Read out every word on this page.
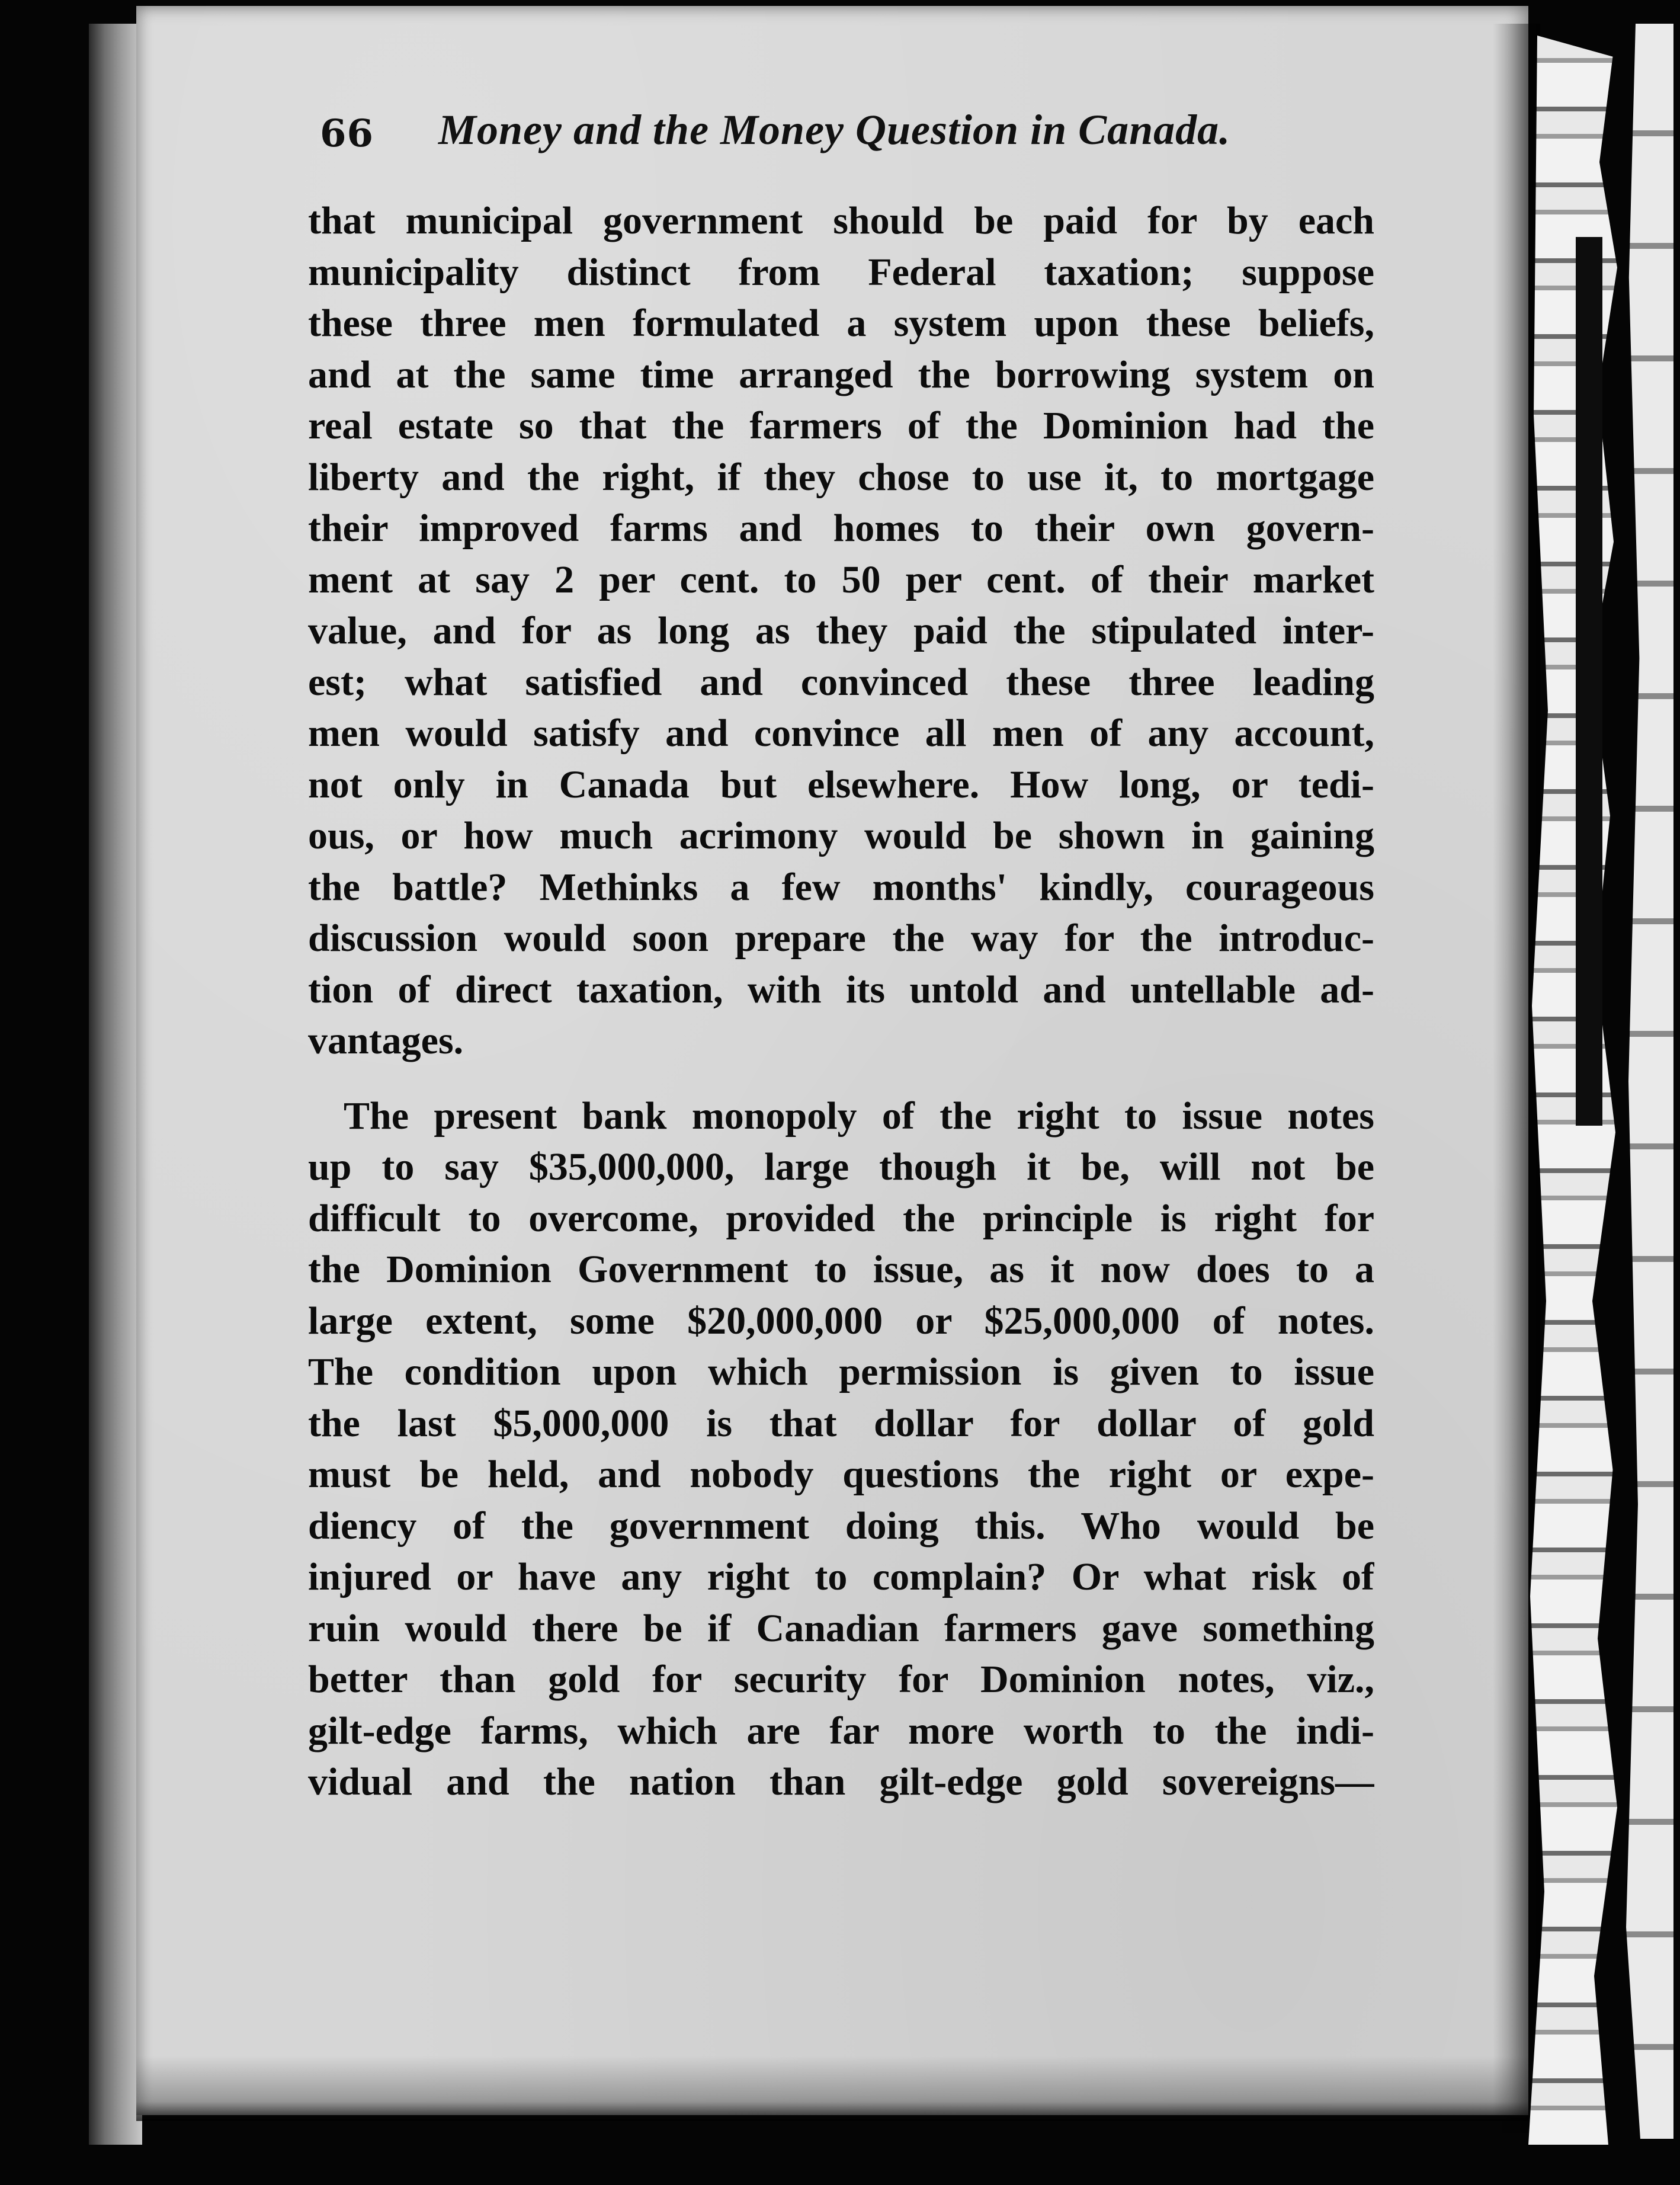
66 Money and the Money Question in Canada.
that municipal government should be paid for by each
municipality distinct from Federal taxation; suppose
these three men formulated a system upon these beliefs,
and at the same time arranged the borrowing system on
real estate so that the farmers of the Dominion had the
liberty and the right, if they chose to use it, to mortgage
their improved farms and homes to their own govern-
ment at say 2 per cent. to 50 per cent. of their market
value, and for as long as they paid the stipulated inter-
est; what satisfied and convinced these three leading
men would satisfy and convince all men of any account,
not only in Canada but elsewhere. How long, or tedi-
ous, or how much acrimony would be shown in gaining
the battle? Methinks a few months' kindly, courageous
discussion would soon prepare the way for the introduc-
tion of direct taxation, with its untold and untellable ad-
vantages.
The present bank monopoly of the right to issue notes
up to say $35,000,000, large though it be, will not be
difficult to overcome, provided the principle is right for
the Dominion Government to issue, as it now does to a
large extent, some $20,000,000 or $25,000,000 of notes.
The condition upon which permission is given to issue
the last $5,000,000 is that dollar for dollar of gold
must be held, and nobody questions the right or expe-
diency of the government doing this. Who would be
injured or have any right to complain? Or what risk of
ruin would there be if Canadian farmers gave something
better than gold for security for Dominion notes, viz.,
gilt-edge farms, which are far more worth to the indi-
vidual and the nation than gilt-edge gold sovereigns—
